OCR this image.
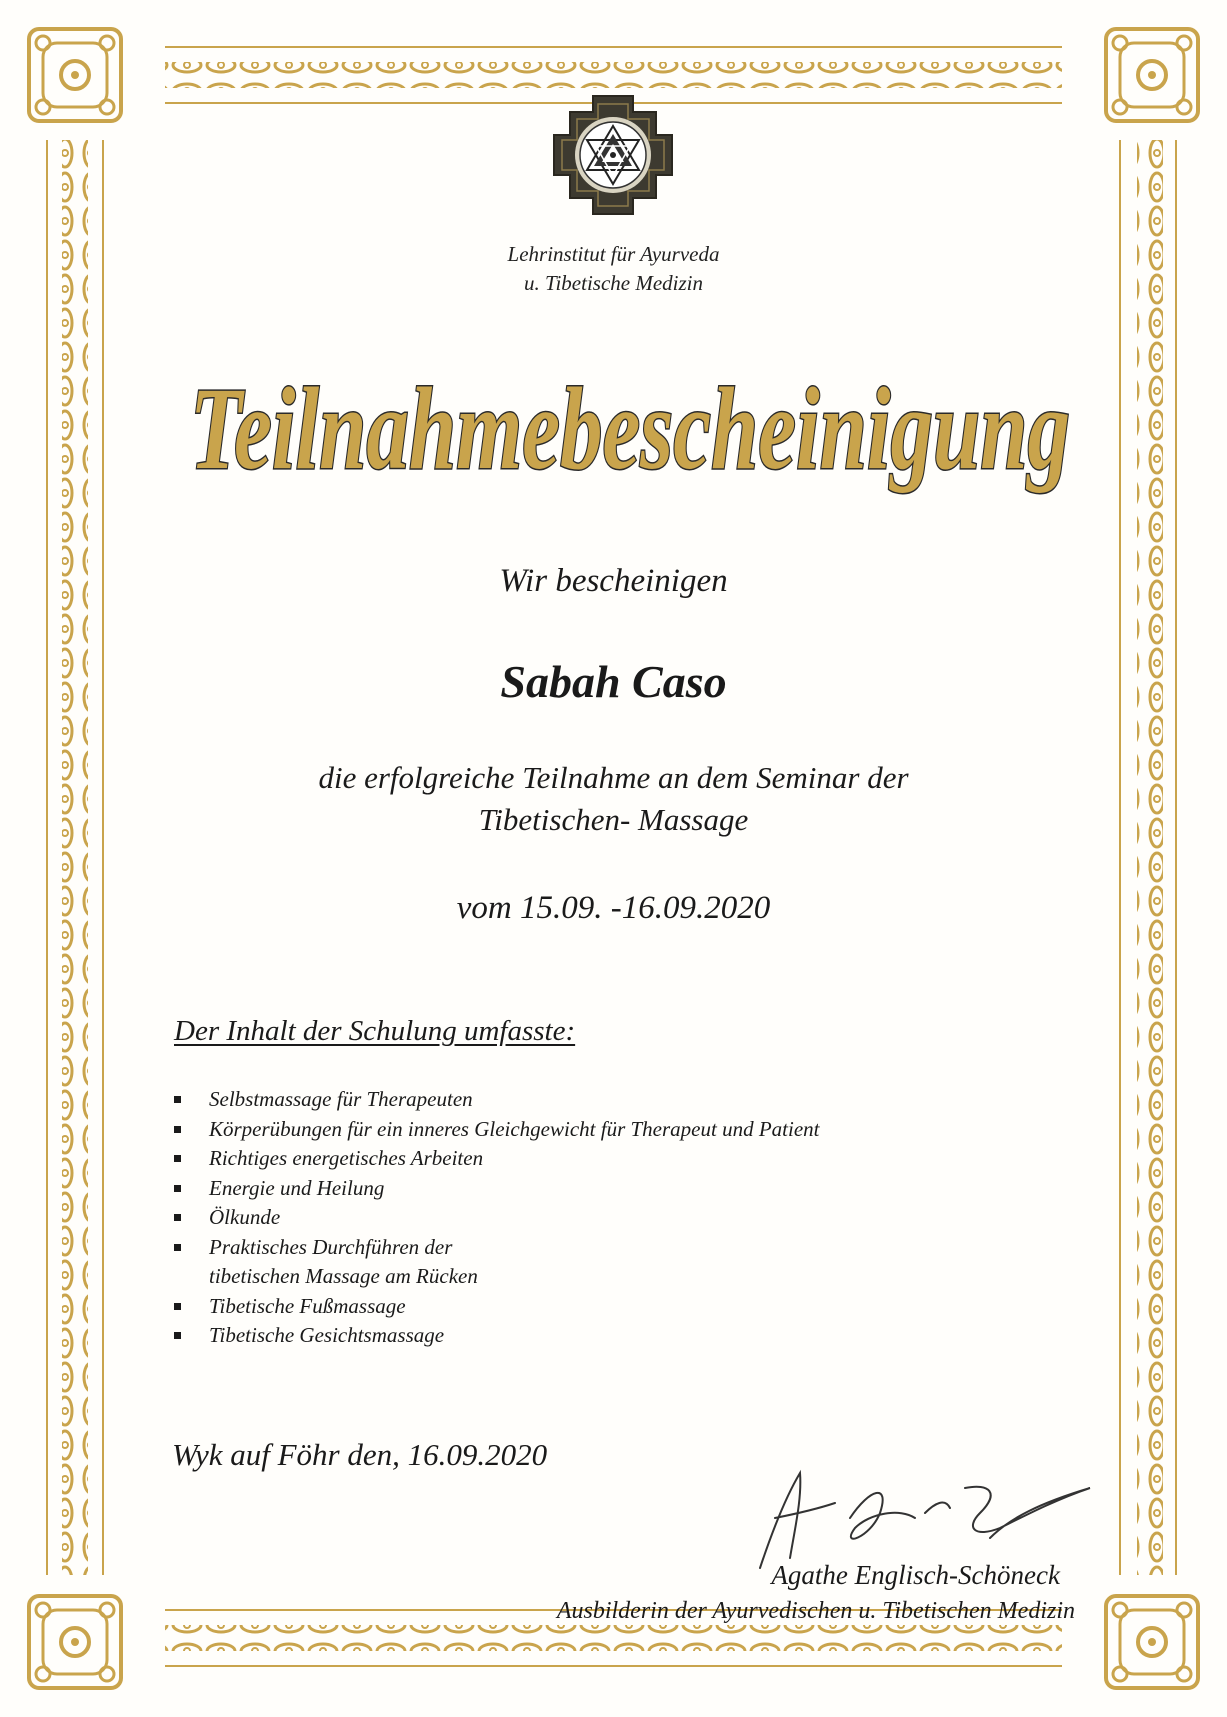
Lehrinstitut für Ayurveda
u. Tibetische Medizin
Teilnahmebescheinigung
Wir bescheinigen
Sabah Caso
die erfolgreiche Teilnahme an dem Seminar der
Tibetischen- Massage
vom 15.09. -16.09.2020
Der Inhalt der Schulung umfasste:
Selbstmassage für Therapeuten
Körperübungen für ein inneres Gleichgewicht für Therapeut und Patient
Richtiges energetisches Arbeiten
Energie und Heilung
Ölkunde
Praktisches Durchführen der
tibetischen Massage am Rücken
Tibetische Fußmassage
Tibetische Gesichtsmassage
Wyk auf Föhr den, 16.09.2020
Agathe Englisch-Schöneck
Ausbilderin der Ayurvedischen u. Tibetischen Medizin
